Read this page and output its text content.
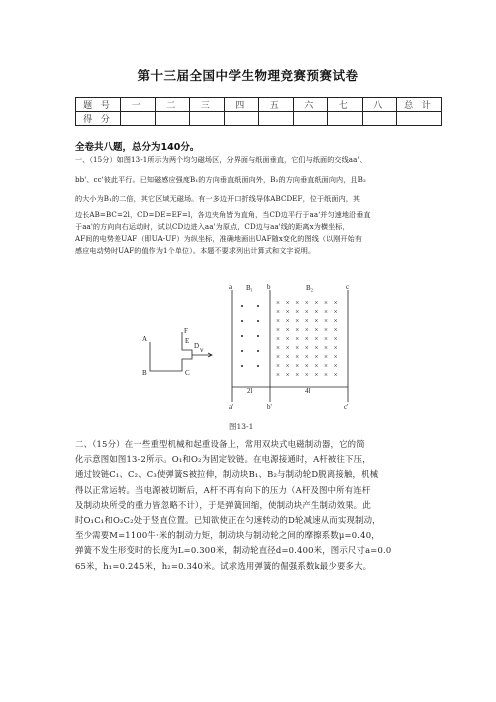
第十三届全国中学生物理竞赛预赛试卷
题 号	一	二	三	四	五	六	七	八	总 计
得 分									
全卷共八题，总分为140分。
一、（15分）如图13-1所示为两个均匀磁场区，分界面与纸面垂直，它们与纸面的交线aa'、
bb'、cc'彼此平行。已知磁感应强度B₁的方向垂直纸面向外，B₂的方向垂直纸面向内，且B₂
的大小为B₁的二倍，其它区域无磁场。有一多边开口折线导体ABCDEF，位于纸面内，其
边长AB=BC=2l，CD=DE=EF=l，各边夹角皆为直角，当CD边平行于aa'并匀速地沿垂直
于aa'的方向向右运动时，试以CD边进入aa'为原点，CD边与aa'线的距离x为横坐标，
AF间的电势差UAF（即UA-UF）为纵坐标，准确地画出UAF随x变化的图线（以刚开始有
感应电动势时UAF的值作为1个单位）。本题不要求列出计算式和文字说明。
× × × × × × ×
× × × × × × ×
× × × × × × ×
× × × × × × ×
× × × × × × ×
× × × × × × ×
× × × × × × ×
× × × × × × ×
× × × × × × ×
a	b	c
a'	b'	c'
B₁	B₂
A
B	C
D
E
F
v
2l	4l
图13-1
二、（15分）在一些重型机械和起重设备上，常用双块式电磁制动器，它的简
化示意图如图13-2所示。O₁和O₂为固定铰链。在电源接通时，A杆被往下压，
通过铰链C₁、C₂、C₃使弹簧S被拉伸，制动块B₁、B₂与制动轮D脱离接触，机械
得以正常运转。当电源被切断后，A杆不再有向下的压力（A杆及图中所有连杆
及制动块所受的重力皆忽略不计），于是弹簧回缩，使制动块产生制动效果。此
时O₁C₁和O₂C₂处于竖直位置。已知欲使正在匀速转动的D轮减速从而实现制动，
至少需要M=1100牛·米的制动力矩，制动块与制动轮之间的摩擦系数μ=0.40，
弹簧不发生形变时的长度为L=0.300米，制动轮直径d=0.400米，图示尺寸a=0.0
65米，h₁=0.245米，h₂=0.340米。试求选用弹簧的倔强系数k最少要多大。
